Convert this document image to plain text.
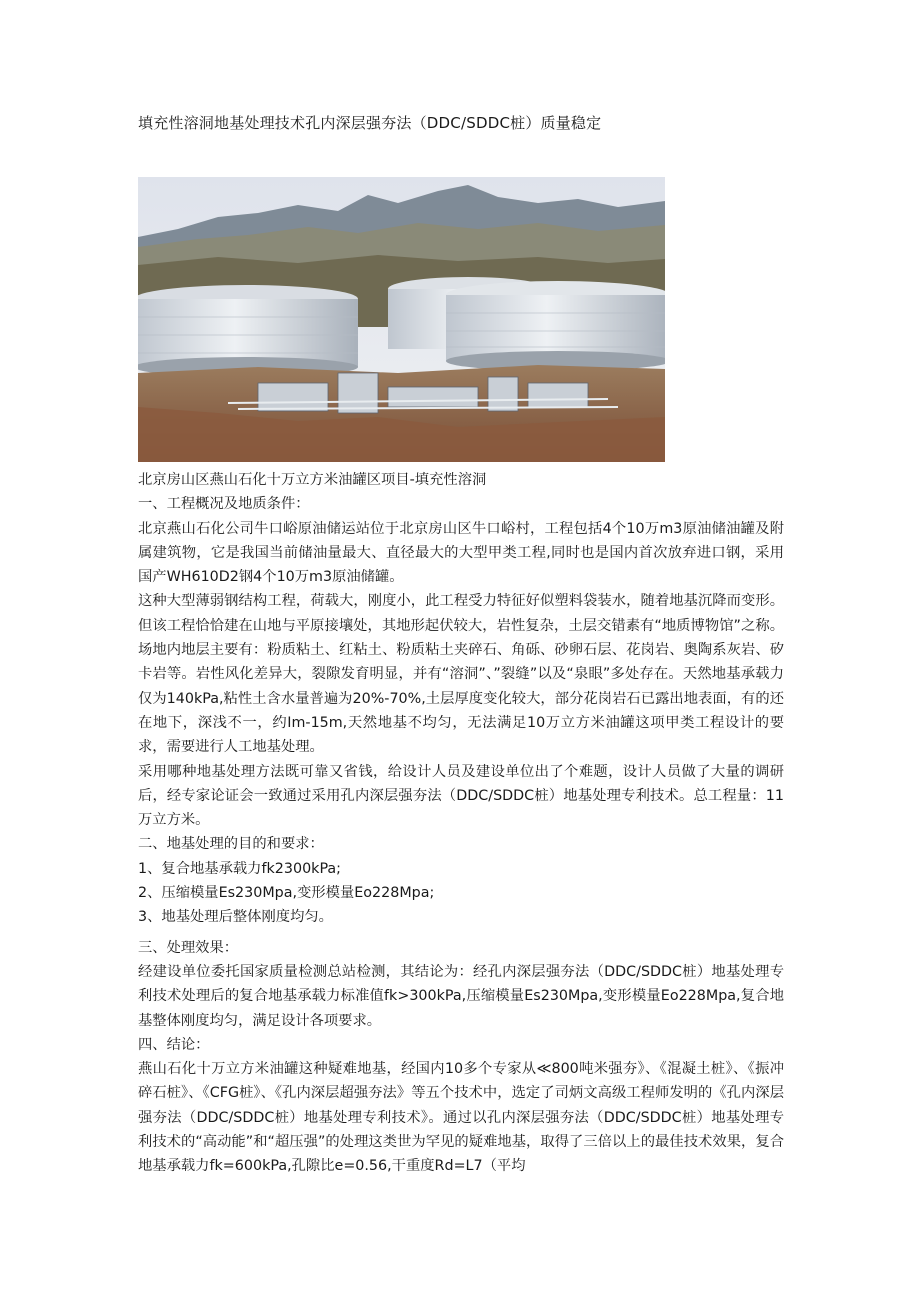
填充性溶洞地基处理技术孔内深层强夯法（DDC/SDDC桩）质量稳定

北京房山区燕山石化十万立方米油罐区项目-填充性溶洞

一、工程概况及地质条件：

北京燕山石化公司牛口峪原油储运站位于北京房山区牛口峪村，工程包括4个10万m3原油储油罐及附属建筑物，它是我国当前储油量最大、直径最大的大型甲类工程,同时也是国内首次放弃进口钢，采用国产WH610D2钢4个10万m3原油储罐。

这种大型薄弱钢结构工程，荷载大，刚度小，此工程受力特征好似塑料袋装水，随着地基沉降而变形。但该工程恰恰建在山地与平原接壤处，其地形起伏较大，岩性复杂，土层交错素有“地质博物馆”之称。场地内地层主要有：粉质粘土、红粘土、粉质粘土夹碎石、角砾、砂卵石层、花岗岩、奥陶系灰岩、矽卡岩等。岩性风化差异大，裂隙发育明显，并有“溶洞”、”裂缝”以及“泉眼”多处存在。天然地基承载力仅为140kPa,粘性土含水量普遍为20%-70%,土层厚度变化较大，部分花岗岩石已露出地表面，有的还在地下，深浅不一，约Im-15m,天然地基不均匀，无法满足10万立方米油罐这项甲类工程设计的要求，需要进行人工地基处理。

采用哪种地基处理方法既可靠又省钱，给设计人员及建设单位出了个难题，设计人员做了大量的调研后，经专家论证会一致通过采用孔内深层强夯法（DDC∕SDDC桩）地基处理专利技术。总工程量：11万立方米。

二、地基处理的目的和要求：

1、复合地基承载力fk2300kPa;

2、压缩模量Es230Mpa,变形模量Eo228Mpa;

3、地基处理后整体刚度均匀。

三、处理效果：

经建设单位委托国家质量检测总站检测，其结论为：经孔内深层强夯法（DDC∕SDDC桩）地基处理专利技术处理后的复合地基承载力标准值fk>300kPa,压缩模量Es230Mpa,变形模量Eo228Mpa,复合地基整体刚度均匀，满足设计各项要求。

四、结论：

燕山石化十万立方米油罐这种疑难地基，经国内10多个专家从≪800吨米强夯》、《混凝土桩》、《振冲碎石桩》、《CFG桩》、《孔内深层超强夯法》等五个技术中，选定了司炳文高级工程师发明的《孔内深层强夯法（DDC/SDDC桩）地基处理专利技术》。通过以孔内深层强夯法（DDC∕SDDC桩）地基处理专利技术的“高动能”和“超压强”的处理这类世为罕见的疑难地基，取得了三倍以上的最佳技术效果，复合地基承载力fk=600kPa,孔隙比e=0.56,干重度Rd=L7（平均
